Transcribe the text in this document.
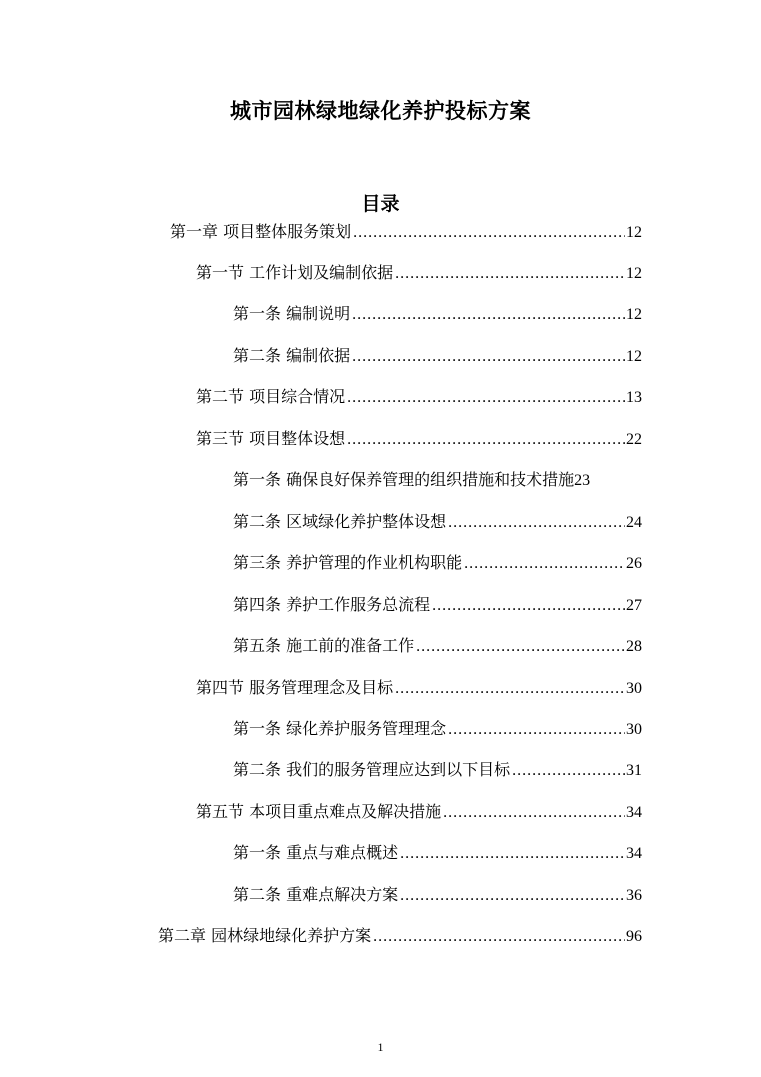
城市园林绿地绿化养护投标方案
目录
第一章 项目整体服务策划 .....	12
第一节 工作计划及编制依据 .....	12
第一条 编制说明 .....	12
第二条 编制依据 .....	12
第二节 项目综合情况 .....	13
第三节 项目整体设想 .....	22
第一条 确保良好保养管理的组织措施和技术措施 23
第二条 区域绿化养护整体设想 .....	24
第三条 养护管理的作业机构职能 .....	26
第四条 养护工作服务总流程 .....	27
第五条 施工前的准备工作 .....	28
第四节 服务管理理念及目标 .....	30
第一条 绿化养护服务管理理念 .....	30
第二条 我们的服务管理应达到以下目标 .....	31
第五节 本项目重点难点及解决措施 .....	34
第一条 重点与难点概述 .....	34
第二条 重难点解决方案 .....	36
第二章 园林绿地绿化养护方案 .....	96
1
